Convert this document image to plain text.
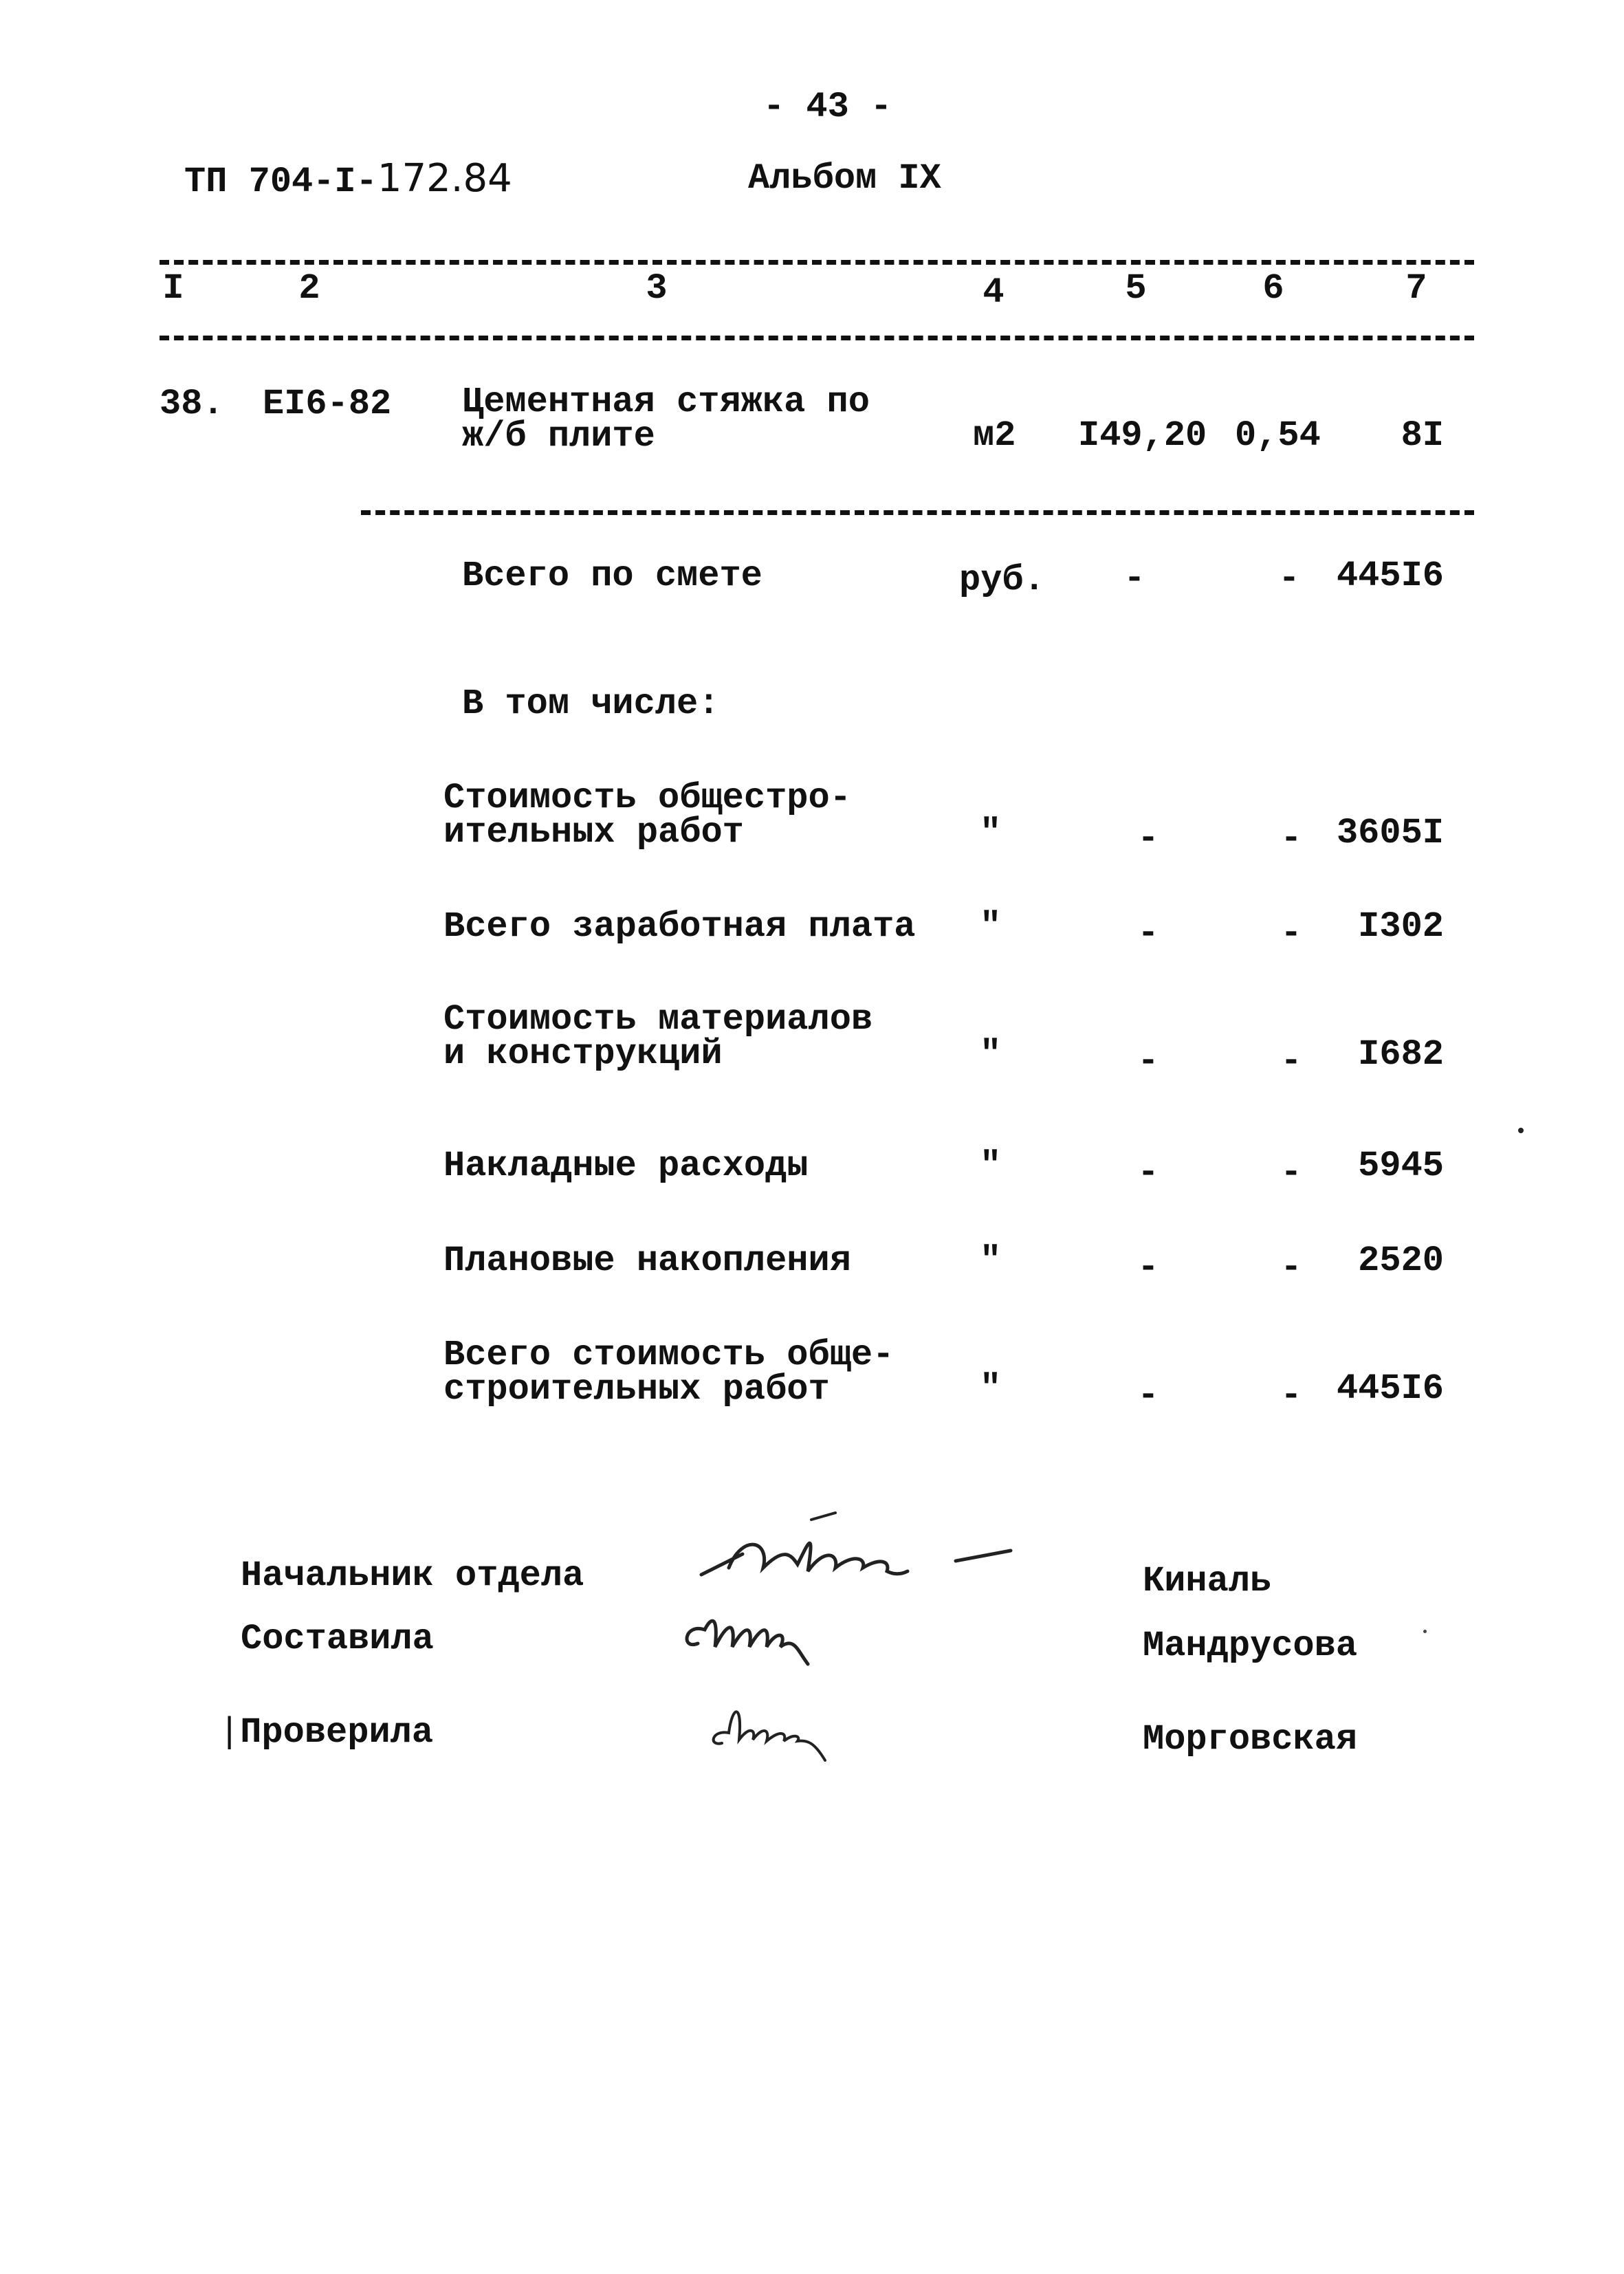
- 43 -
ТП 704-I-172.84	Альбом IX
I	2	3	4	5	6	7
38. EI6-82 Цементная стяжка по
ж/б плите	м2 I49,20 0,54	8I
Всего по смете	руб. -	-	445I6
В том числе:
Стоимость общестро-
ительных работ	"	-	- 3605I
Всего заработная плата "	-	-	I302
Стоимость материалов
и конструкций	"	-	-	I682
Накладные расходы	"	-	-	5945
Плановые накопления	"	-	-	2520
Всего стоимость обще-
строительных работ	"	-	- 445I6
Начальник отдела
Составила
|Проверила
Киналь
Мандрусова
Морговская
